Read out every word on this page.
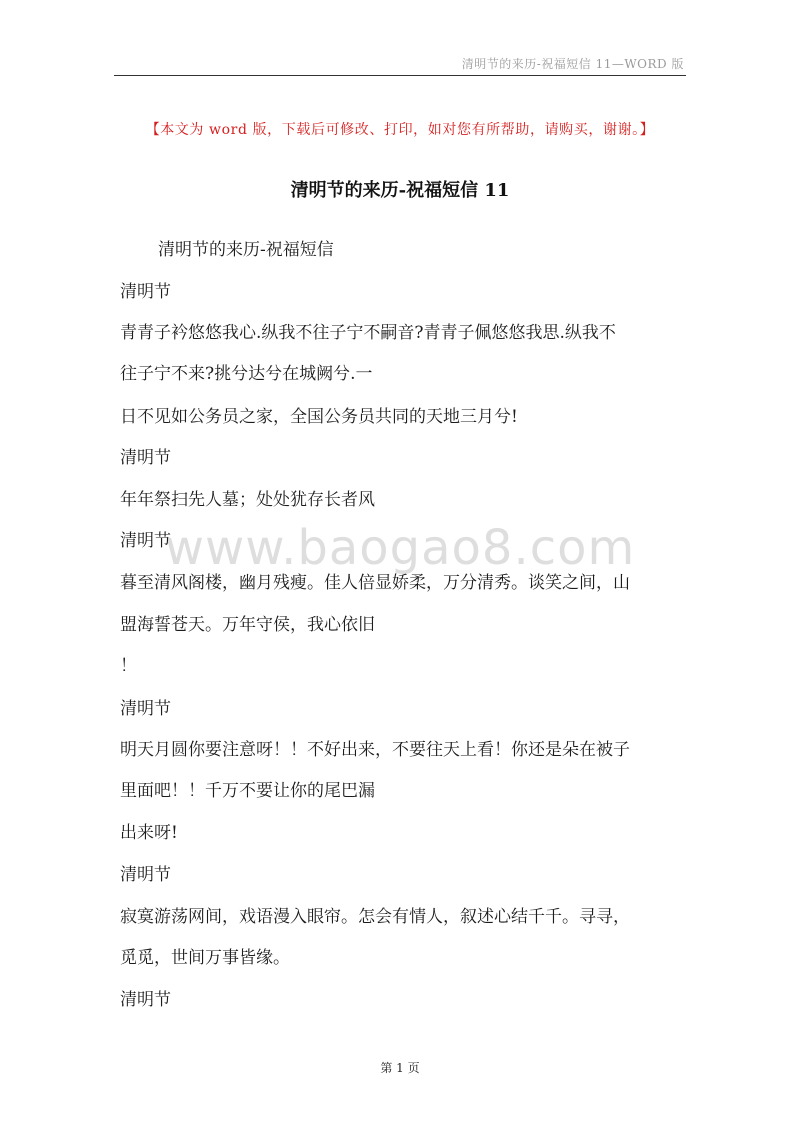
清明节的来历-祝福短信 11—WORD 版
【本文为 word 版，下载后可修改、打印，如对您有所帮助，请购买，谢谢。】
清明节的来历-祝福短信 11
www.baogao8.com
清明节的来历-祝福短信
清明节
青青子衿悠悠我心.纵我不往子宁不嗣音?青青子佩悠悠我思.纵我不
往子宁不来?挑兮达兮在城阙兮.一
日不见如公务员之家，全国公务员共同的天地三月兮!
清明节
年年祭扫先人墓；处处犹存长者风
清明节
暮至清风阁楼，幽月残瘦。佳人倍显娇柔，万分清秀。谈笑之间，山
盟海誓苍天。万年守侯，我心依旧
！
清明节
明天月圆你要注意呀！！不好出来，不要往天上看！你还是朵在被子
里面吧！！千万不要让你的尾巴漏
出来呀!
清明节
寂寞游荡网间，戏语漫入眼帘。怎会有情人，叙述心结千千。寻寻，
觅觅，世间万事皆缘。
清明节
第 1 页
